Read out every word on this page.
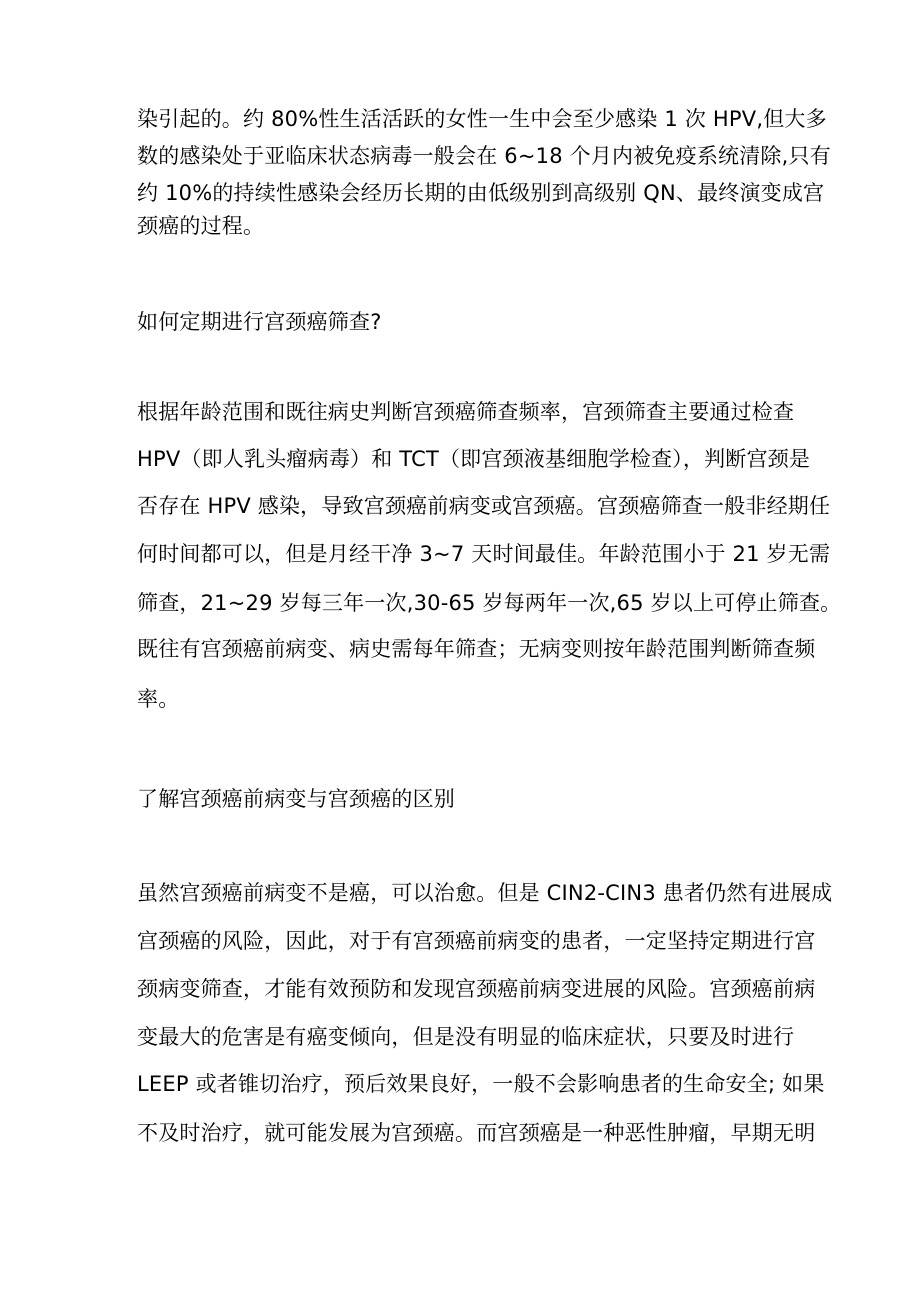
染引起的。约 80%性生活活跃的女性一生中会至少感染 1 次 HPV,但大多

数的感染处于亚临床状态病毒一般会在 6~18 个月内被免疫系统清除,只有

约 10%的持续性感染会经历长期的由低级别到高级别 QN、最终演变成宫

颈癌的过程。

如何定期进行宫颈癌筛查?

根据年龄范围和既往病史判断宫颈癌筛查频率，宫颈筛查主要通过检查

HPV（即人乳头瘤病毒）和 TCT（即宫颈液基细胞学检查），判断宫颈是

否存在 HPV 感染，导致宫颈癌前病变或宫颈癌。宫颈癌筛查一般非经期任

何时间都可以，但是月经干净 3~7 天时间最佳。年龄范围小于 21 岁无需

筛查，21~29 岁每三年一次,30-65 岁每两年一次,65 岁以上可停止筛查。

既往有宫颈癌前病变、病史需每年筛查；无病变则按年龄范围判断筛查频

率。

了解宫颈癌前病变与宫颈癌的区别

虽然宫颈癌前病变不是癌，可以治愈。但是 CIN2-CIN3 患者仍然有进展成

宫颈癌的风险，因此，对于有宫颈癌前病变的患者，一定坚持定期进行宫

颈病变筛查，才能有效预防和发现宫颈癌前病变进展的风险。宫颈癌前病

变最大的危害是有癌变倾向，但是没有明显的临床症状，只要及时进行

LEEP 或者锥切治疗，预后效果良好，一般不会影响患者的生命安全; 如果

不及时治疗，就可能发展为宫颈癌。而宫颈癌是一种恶性肿瘤，早期无明
